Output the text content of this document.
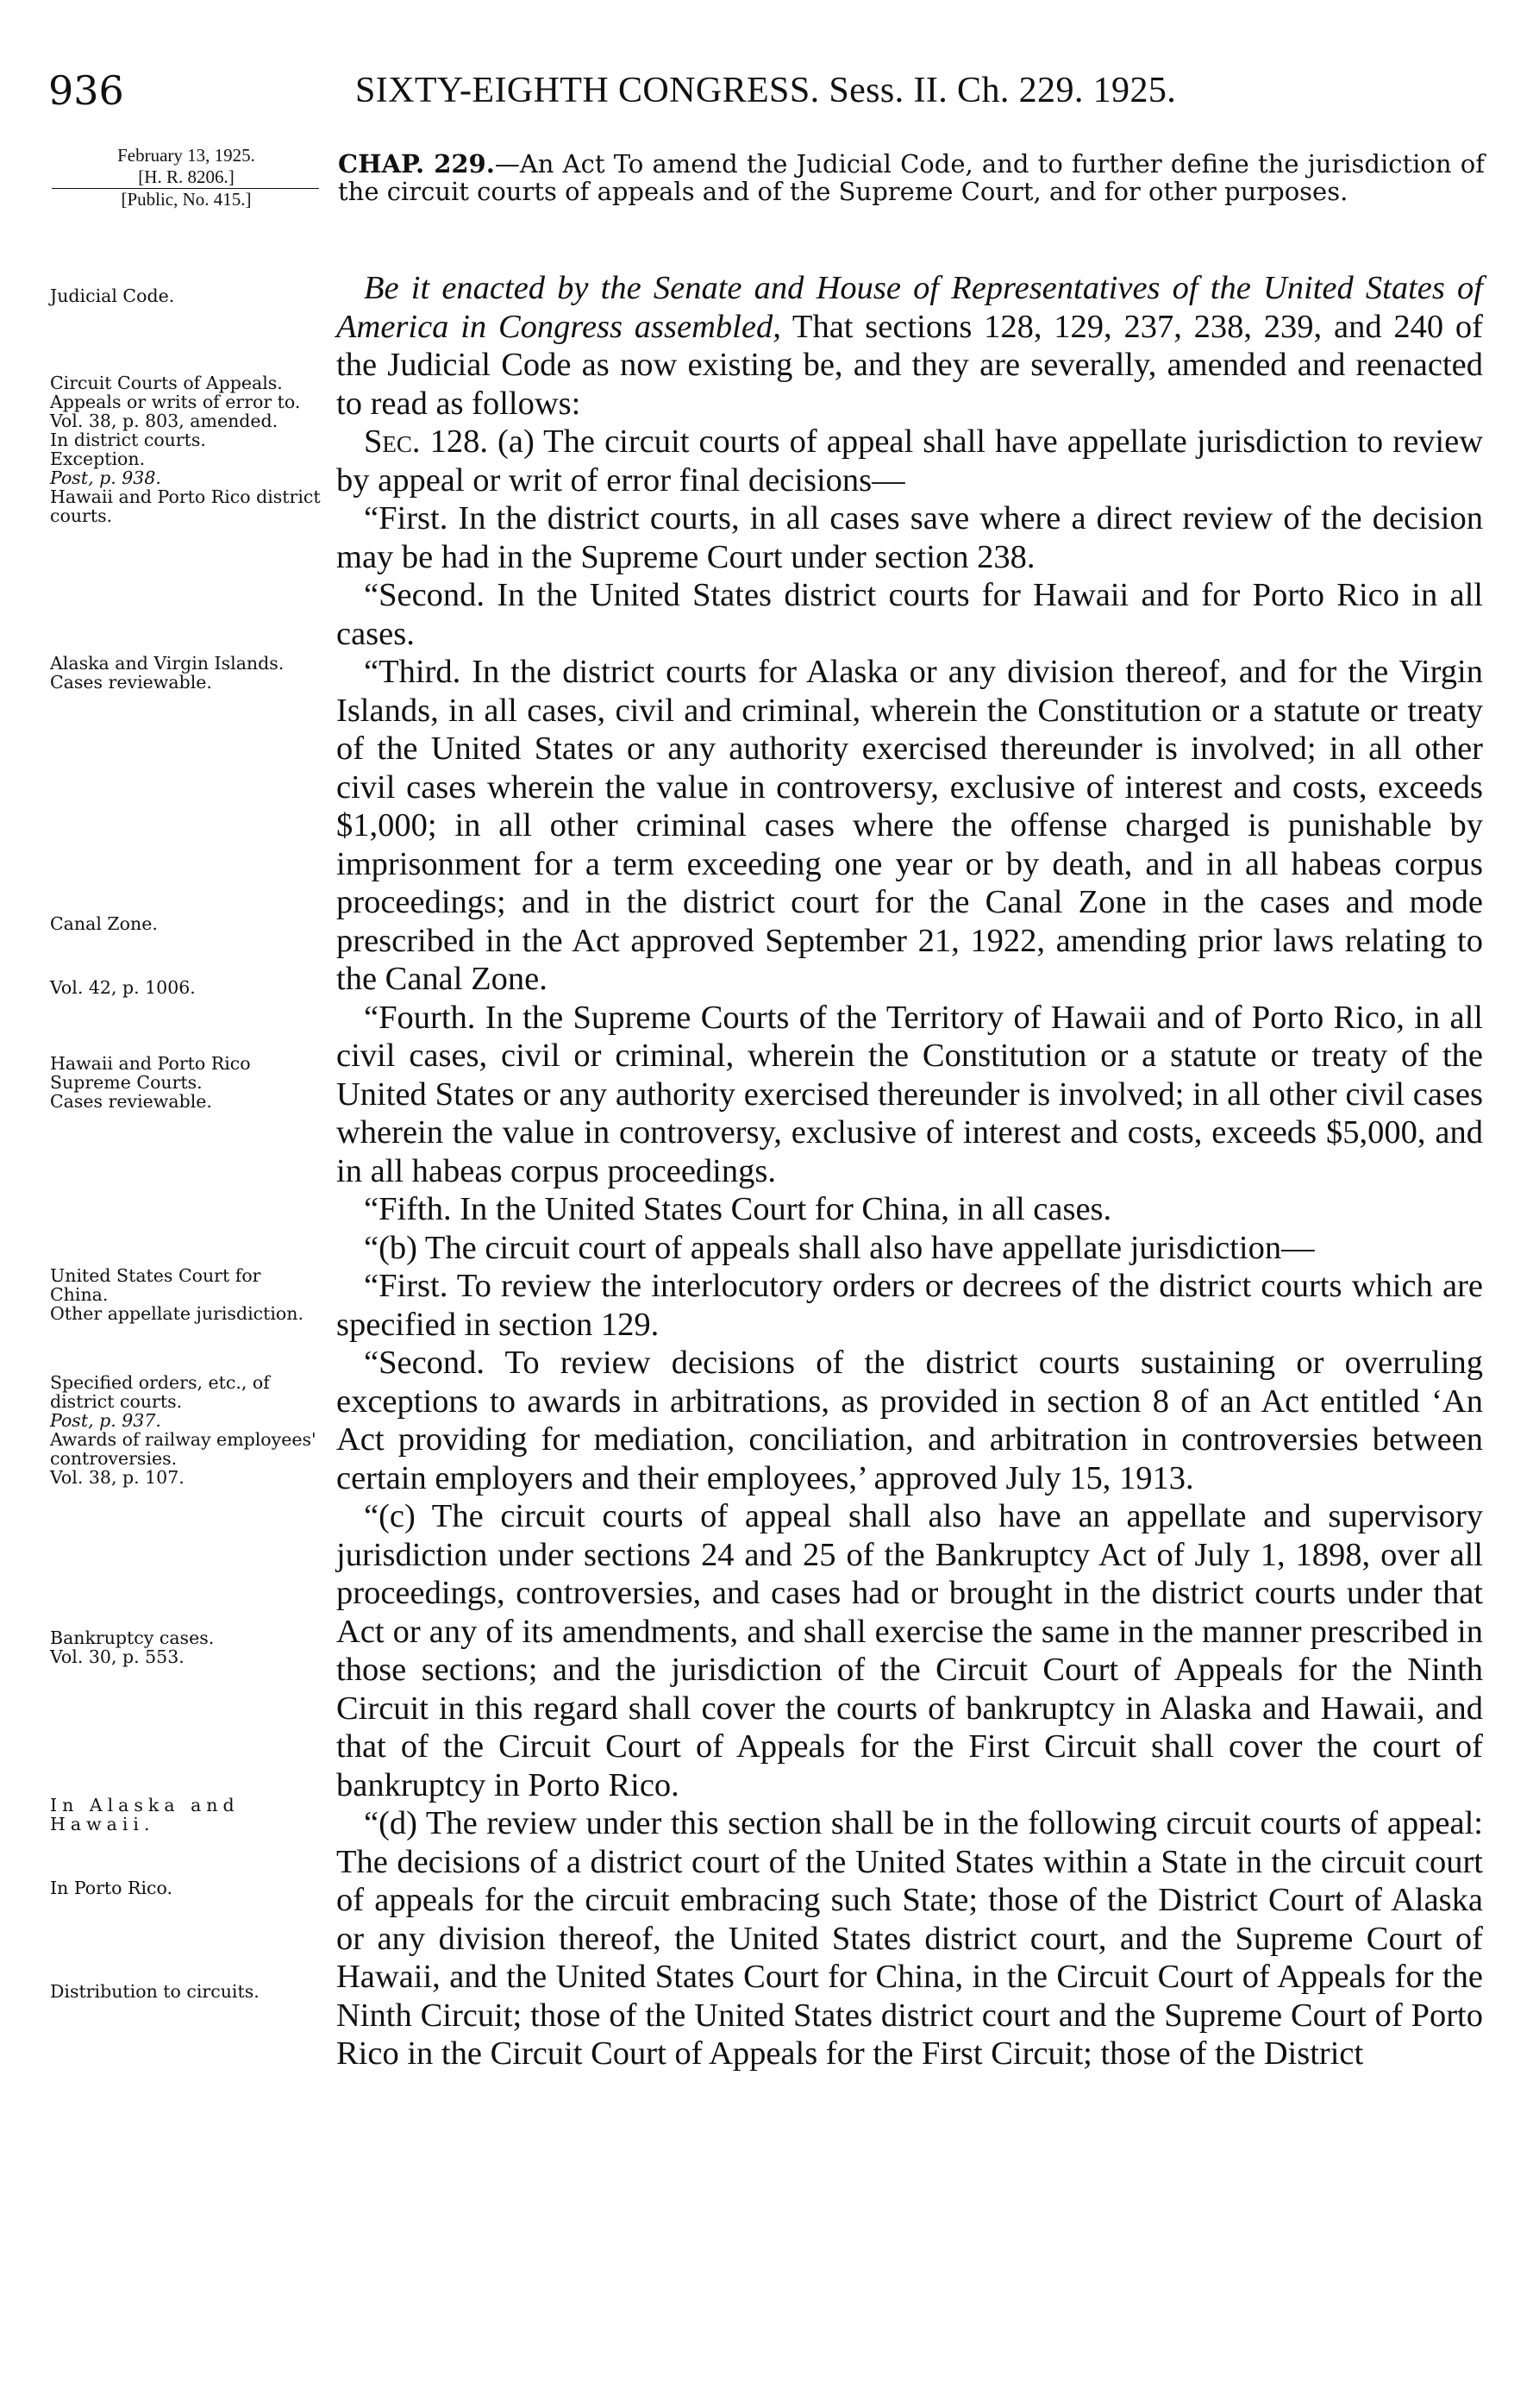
936	SIXTY-EIGHTH CONGRESS. Sess. II. Ch. 229. 1925.
February 13, 1925.
[H. R. 8206.]
[Public, No. 415.]
CHAP. 229.—An Act To amend the Judicial Code, and to further define the jurisdiction of the circuit courts of appeals and of the Supreme Court, and for other purposes.

Be it enacted by the Senate and House of Representatives of the United States of America in Congress assembled, That sections 128, 129, 237, 238, 239, and 240 of the Judicial Code as now existing be, and they are severally, amended and reenacted to read as follows:

Sec. 128. (a) The circuit courts of appeal shall have appellate jurisdiction to review by appeal or writ of error final decisions—

“First. In the district courts, in all cases save where a direct review of the decision may be had in the Supreme Court under section 238.

“Second. In the United States district courts for Hawaii and for Porto Rico in all cases.

“Third. In the district courts for Alaska or any division thereof, and for the Virgin Islands, in all cases, civil and criminal, wherein the Constitution or a statute or treaty of the United States or any authority exercised thereunder is involved; in all other civil cases wherein the value in controversy, exclusive of interest and costs, exceeds $1,000; in all other criminal cases where the offense charged is punishable by imprisonment for a term exceeding one year or by death, and in all habeas corpus proceedings; and in the district court for the Canal Zone in the cases and mode prescribed in the Act approved September 21, 1922, amending prior laws relating to the Canal Zone.

“Fourth. In the Supreme Courts of the Territory of Hawaii and of Porto Rico, in all civil cases, civil or criminal, wherein the Constitution or a statute or treaty of the United States or any authority exercised thereunder is involved; in all other civil cases wherein the value in controversy, exclusive of interest and costs, exceeds $5,000, and in all habeas corpus proceedings.

“Fifth. In the United States Court for China, in all cases.

“(b) The circuit court of appeals shall also have appellate jurisdiction—

“First. To review the interlocutory orders or decrees of the district courts which are specified in section 129.

“Second. To review decisions of the district courts sustaining or overruling exceptions to awards in arbitrations, as provided in section 8 of an Act entitled ‘An Act providing for mediation, conciliation, and arbitration in controversies between certain employers and their employees,’ approved July 15, 1913.

“(c) The circuit courts of appeal shall also have an appellate and supervisory jurisdiction under sections 24 and 25 of the Bankruptcy Act of July 1, 1898, over all proceedings, controversies, and cases had or brought in the district courts under that Act or any of its amendments, and shall exercise the same in the manner prescribed in those sections; and the jurisdiction of the Circuit Court of Appeals for the Ninth Circuit in this regard shall cover the courts of bankruptcy in Alaska and Hawaii, and that of the Circuit Court of Appeals for the First Circuit shall cover the court of bankruptcy in Porto Rico.

“(d) The review under this section shall be in the following circuit courts of appeal: The decisions of a district court of the United States within a State in the circuit court of appeals for the circuit embracing such State; those of the District Court of Alaska or any division thereof, the United States district court, and the Supreme Court of Hawaii, and the United States Court for China, in the Circuit Court of Appeals for the Ninth Circuit; those of the United States district court and the Supreme Court of Porto Rico in the Circuit Court of Appeals for the First Circuit; those of the District

Judicial Code.
Circuit Courts of Appeals.
Appeals or writs of error to.
Vol. 38, p. 803, amended.
In district courts.
Exception.
Post, p. 938.
Hawaii and Porto Rico district courts.
Alaska and Virgin Islands.
Cases reviewable.
Canal Zone.
Vol. 42, p. 1006.
Hawaii and Porto Rico Supreme Courts.
Cases reviewable.
United States Court for China.
Other appellate jurisdiction.
Specified orders, etc., of district courts.
Post, p. 937.
Awards of railway employees' controversies.
Vol. 38, p. 107.
Bankruptcy cases.
Vol. 30, p. 553.
In Alaska and Hawaii.
In Porto Rico.
Distribution to circuits.
